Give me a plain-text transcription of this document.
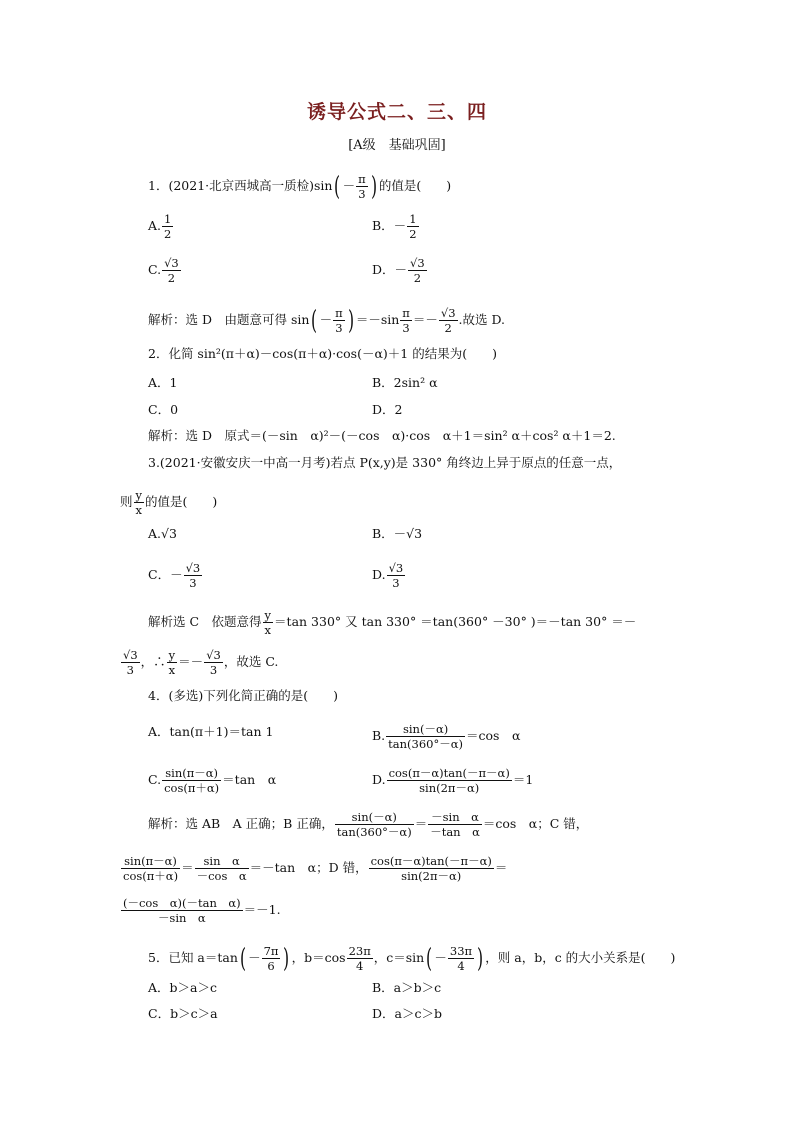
诱导公式二、三、四
[A级　基础巩固]
1．(2021·北京西城高一质检)$\sin( - \frac{\pi}{3}$ ) 的值是(　　)
A. $\frac{1}{2}$	B．－ $\frac{1}{2}$
C. $\frac{√3}{2}$	D．－ $\frac{√3}{2}$
解析：选 D　由题意可得 $\sin( - \frac{\pi}{3}$ ) $=-\sin \frac{\pi}{3} =- \frac{√3}{2}$ .故选 D.
2．化简 sin²(π＋α)－cos(π＋α)·cos(－α)＋1 的结果为(　　)
A．1	B．2sin² α
C．0	D．2
解析：选 D　原式＝(－sin　α)²－(－cos　α)·cos　α＋1＝sin² α＋cos² α＋1＝2.
3.(2021·安徽安庆一中高一月考)若点 P(x,y)是 330° 角终边上异于原点的任意一点，
则 $\frac{y}{x}$ 的值是(　　)
A.√3	B．－√3
C．－ $\frac{√3}{3}$	D. $\frac{√3}{3}$
解析选 C　依题意得 $\frac{y}{x} =\tan$ 330° 又 tan 330° ＝tan(360° －30° )＝－tan 30° ＝－
$\frac{√3}{3}$ ，∴ $\frac{y}{x} =- \frac{√3}{3}$ ，故选 C.
4．(多选)下列化简正确的是(　　)
A．tan(π＋1)＝tan 1	B. $\frac{\sin(-\alpha)}{\tan(360^\circ-\alpha)} =\cos$　α
C. $\frac{\sin(\pi-\alpha)}{\cos(\pi+\alpha)} =\tan$　α	D. $\frac{\cos(\pi-\alpha)\tan(-\pi-\alpha)}{\sin(2\pi-\alpha)} =1$
解析：选 AB　A 正确；B 正确， $\frac{\sin(-\alpha)}{\tan(360^\circ-\alpha)} = \frac{\text{－sin　α}}{\text{－tan　α}} =\cos$　α；C 错，
$\frac{\sin(\pi-\alpha)}{\cos(\pi+\alpha)} = \frac{\text{sin　α}}{\text{－cos　α}} =-\tan$　α；D 错， $\frac{\cos(\pi-\alpha)\tan(-\pi-\alpha)}{\sin(2\pi-\alpha)}$ ＝
$\frac{\text{(－cos　α)(－tan　α)}}{\text{－sin　α}} =-1$.
5．已知 $a=\tan( - \frac{7\pi}{6}$ ) ，$b=\cos \frac{23\pi}{4}$ ，$c=\sin( - \frac{33\pi}{4}$ ) ，则 a，b，c 的大小关系是(　　)
A．b＞a＞c	B．a＞b＞c
C．b＞c＞a	D．a＞c＞b
